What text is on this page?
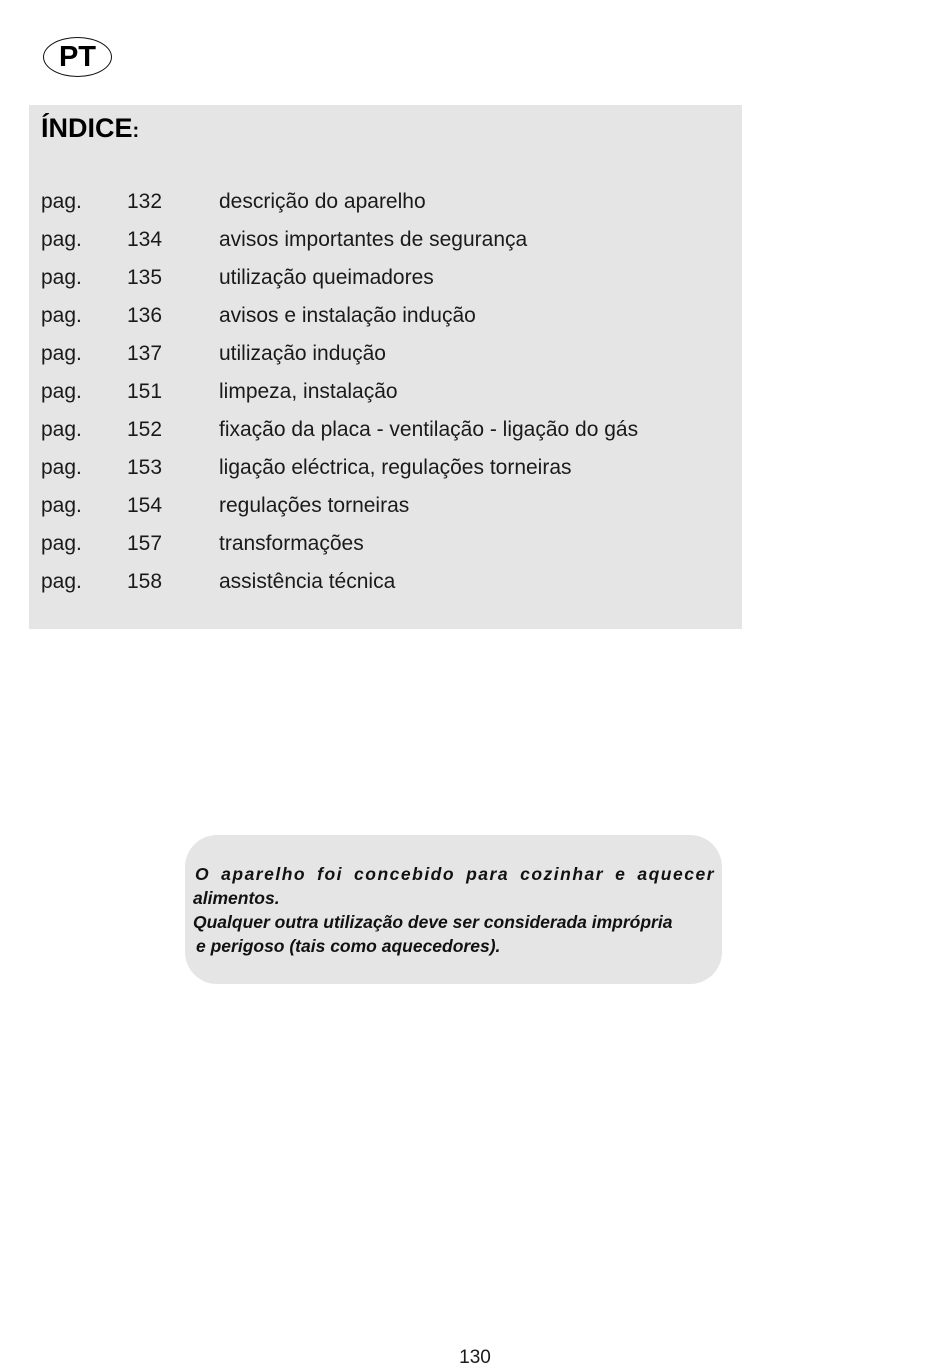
PT
ÍNDICE:
pag.	132	descrição do aparelho
pag.	134	avisos importantes de segurança
pag.	135	utilização queimadores
pag.	136	avisos e instalação indução
pag.	137	utilização indução
pag.	151	limpeza, instalação
pag.	152	fixação da placa - ventilação - ligação do gás
pag.	153	ligação eléctrica, regulações torneiras
pag.	154	regulações torneiras
pag.	157	transformações
pag.	158	assistência técnica
O aparelho foi concebido para cozinhar e aquecer
alimentos.
Qualquer outra utilização deve ser considerada imprópria
e perigoso (tais como aquecedores).
130
